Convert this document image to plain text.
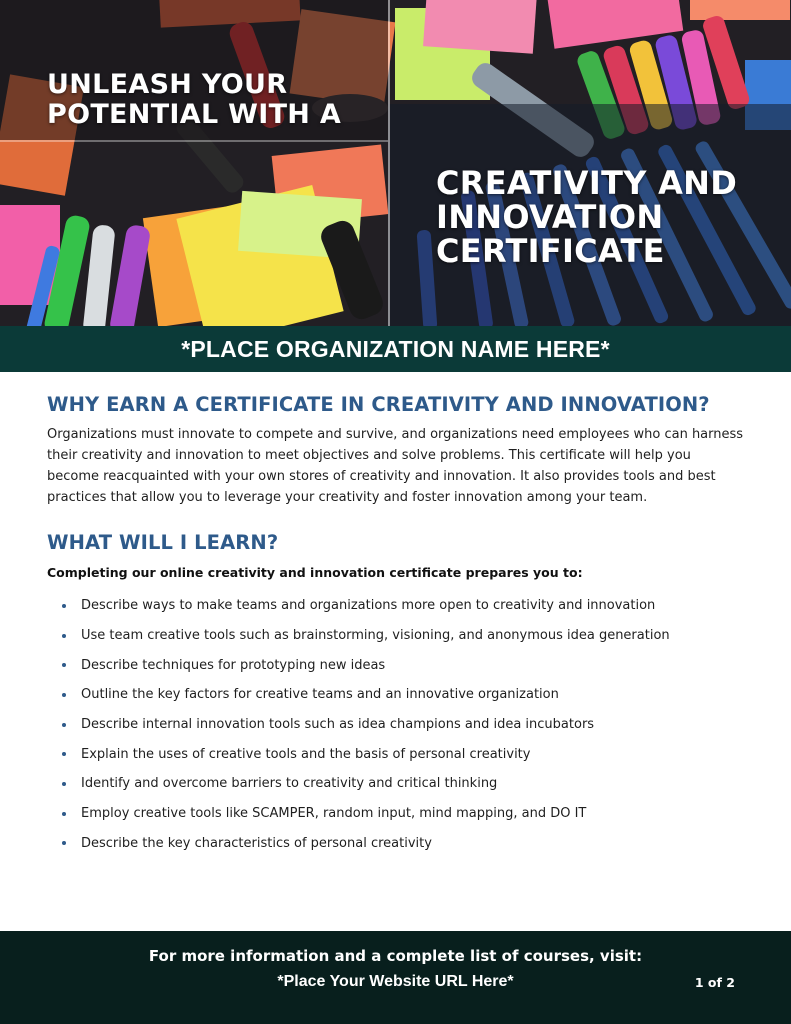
UNLEASH YOUR
POTENTIAL WITH A
CREATIVITY AND
INNOVATION
CERTIFICATE
*PLACE ORGANIZATION NAME HERE*
WHY EARN A CERTIFICATE IN CREATIVITY AND INNOVATION?

Organizations must innovate to compete and survive, and organizations need employees who can harness their creativity and innovation to meet objectives and solve problems. This certificate will help you become reacquainted with your own stores of creativity and innovation. It also provides tools and best practices that allow you to leverage your creativity and foster innovation among your team.

WHAT WILL I LEARN?

Completing our online creativity and innovation certificate prepares you to:

Describe ways to make teams and organizations more open to creativity and innovation
Use team creative tools such as brainstorming, visioning, and anonymous idea generation
Describe techniques for prototyping new ideas
Outline the key factors for creative teams and an innovative organization
Describe internal innovation tools such as idea champions and idea incubators
Explain the uses of creative tools and the basis of personal creativity
Identify and overcome barriers to creativity and critical thinking
Employ creative tools like SCAMPER, random input, mind mapping, and DO IT
Describe the key characteristics of personal creativity
For more information and a complete list of courses, visit:
*Place Your Website URL Here*	1 of 2
